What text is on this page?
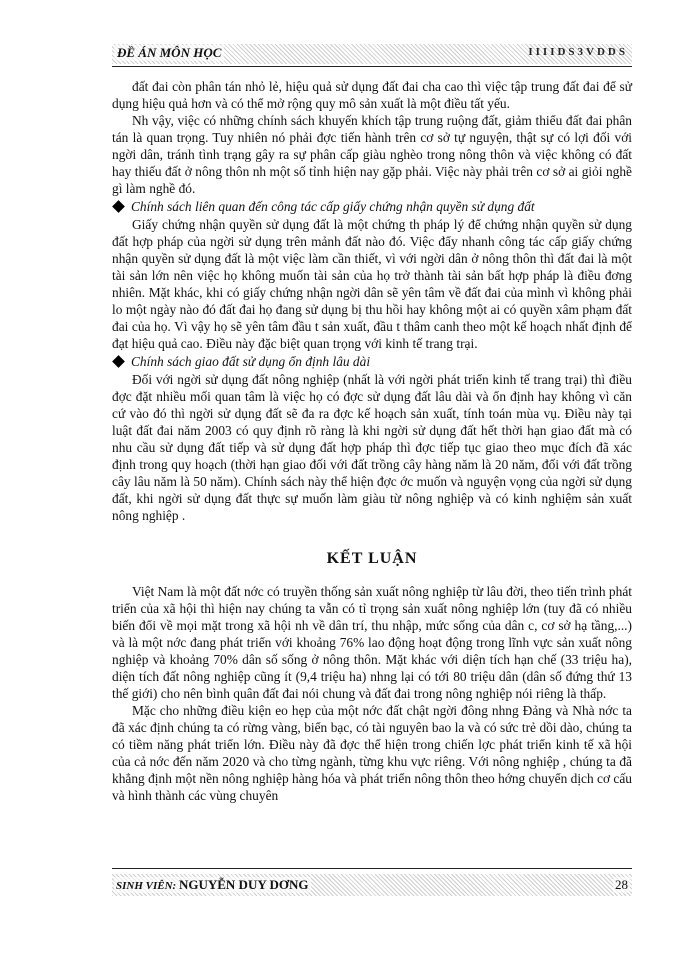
ĐỀ ÁN MÔN HỌC	IIIIDS3VDDS

đất đai còn phân tán nhỏ lẻ, hiệu quả sử dụng đất đai cha cao thì việc tập trung đất đai để sử dụng hiệu quả hơn và có thể mở rộng quy mô sản xuất là một điều tất yếu.

Nh vậy, việc có những chính sách khuyến khích tập trung ruộng đất, giảm thiểu đất đai phân tán là quan trọng. Tuy nhiên nó phải đợc tiến hành trên cơ sở tự nguyện, thật sự có lợi đối với ngời dân, tránh tình trạng gây ra sự phân cấp giàu nghèo trong nông thôn và việc không có đất hay thiếu đất ở nông thôn nh một số tỉnh hiện nay gặp phải. Việc này phải trên cơ sở ai giỏi nghề gì làm nghề đó.

Chính sách liên quan đến công tác cấp giấy chứng nhận quyền sử dụng đất

Giấy chứng nhận quyền sử dụng đất là một chứng th pháp lý để chứng nhận quyền sử dụng đất hợp pháp của ngời sử dụng trên mảnh đất nào đó. Việc đẩy nhanh công tác cấp giấy chứng nhận quyền sử dụng đất là một việc làm cần thiết, vì với ngời dân ở nông thôn thì đất đai là một tài sản lớn nên việc họ không muốn tài sản của họ trở thành tài sản bất hợp pháp là điều đơng nhiên. Mặt khác, khi có giấy chứng nhận ngời dân sẽ yên tâm về đất đai của mình vì không phải lo một ngày nào đó đất đai họ đang sử dụng bị thu hồi hay không một ai có quyền xâm phạm đất đai của họ. Vì vậy họ sẽ yên tâm đầu t sản xuất, đầu t thâm canh theo một kế hoạch nhất định để đạt hiệu quả cao. Điều này đặc biệt quan trọng với kinh tế trang trại.

Chính sách giao đất sử dụng ổn định lâu dài

Đối với ngời sử dụng đất nông nghiệp (nhất là với ngời phát triển kinh tế trang trại) thì điều đợc đặt nhiều mối quan tâm là việc họ có đợc sử dụng đất lâu dài và ổn định hay không vì căn cứ vào đó thì ngời sử dụng đất sẽ đa ra đợc kế hoạch sản xuất, tính toán mùa vụ. Điều này tại luật đất đai năm 2003 có quy định rõ ràng là khi ngời sử dụng đất hết thời hạn giao đất mà có nhu cầu sử dụng đất tiếp và sử dụng đất hợp pháp thì đợc tiếp tục giao theo mục đích đã xác định trong quy hoạch (thời hạn giao đối với đất trồng cây hàng năm là 20 năm, đối với đất trồng cây lâu năm là 50 năm). Chính sách này thể hiện đợc ớc muốn và nguyện vọng của ngời sử dụng đất, khi ngời sử dụng đất thực sự muốn làm giàu từ nông nghiệp và có kinh nghiệm sản xuất nông nghiệp .

KẾT LUẬN

Việt Nam là một đất nớc có truyền thống sản xuất nông nghiệp từ lâu đời, theo tiến trình phát triển của xã hội thì hiện nay chúng ta vẫn có tỉ trọng sản xuất nông nghiệp lớn (tuy đã có nhiều biến đổi về mọi mặt trong xã hội nh về dân trí, thu nhập, mức sống của dân c, cơ sở hạ tầng,...) và là một nớc đang phát triển với khoảng 76% lao động hoạt động trong lĩnh vực sản xuất nông nghiệp và khoảng 70% dân số sống ở nông thôn. Mặt khác với diện tích hạn chế (33 triệu ha), diện tích đất nông nghiệp cũng ít (9,4 triệu ha) nhng lại có tới 80 triệu dân (dân số đứng thứ 13 thế giới) cho nên bình quân đất đai nói chung và đất đai trong nông nghiệp nói riêng là thấp.

Mặc cho những điều kiện eo hẹp của một nớc đất chật ngời đông nhng Đảng và Nhà nớc ta đã xác định chúng ta có rừng vàng, biển bạc, có tài nguyên bao la và có sức trẻ dồi dào, chúng ta có tiềm năng phát triển lớn. Điều này đã đợc thể hiện trong chiến lợc phát triển kinh tế xã hội của cả nớc đến năm 2020 và cho từng ngành, từng khu vực riêng. Với nông nghiệp , chúng ta đã khẳng định một nền nông nghiệp hàng hóa và phát triển nông thôn theo hớng chuyển dịch cơ cấu và hình thành các vùng chuyên

SINH VIÊN: NGUYỄN DUY DƠNG	28
